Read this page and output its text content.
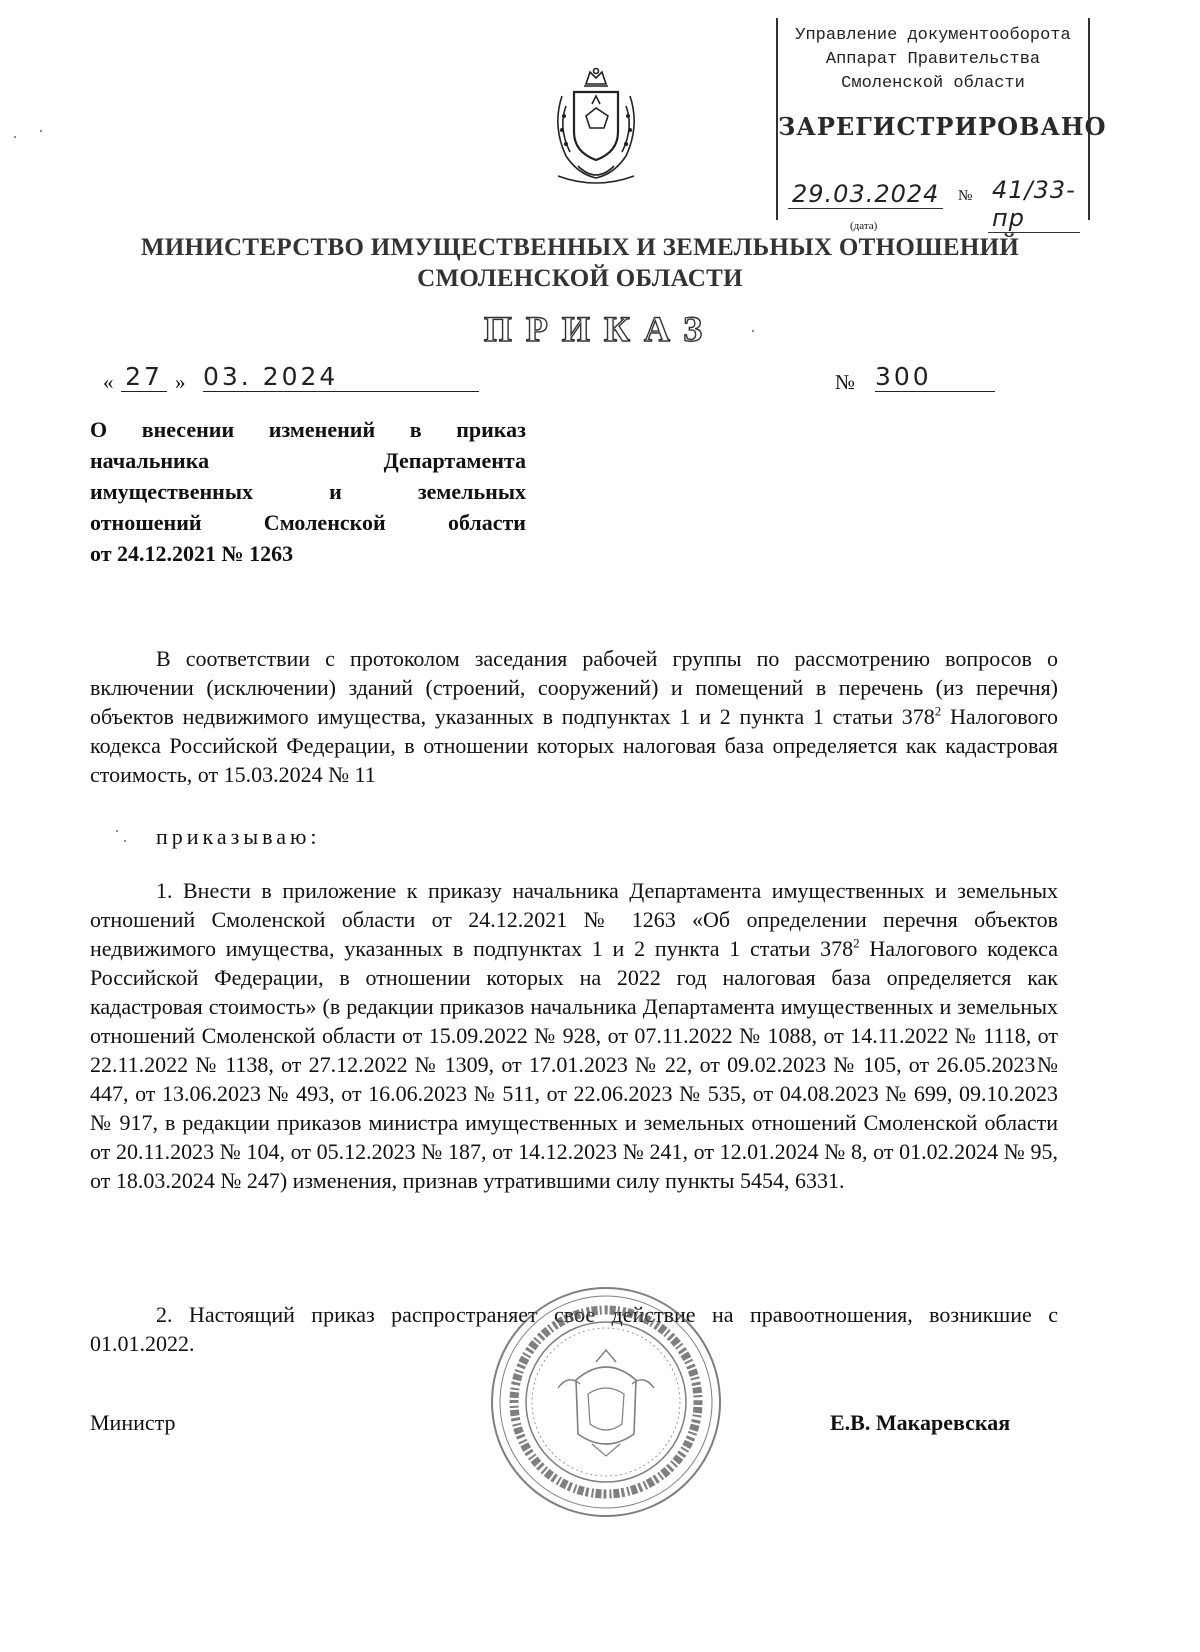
Управление документооборота
Аппарат Правительства
Смоленской области
ЗАРЕГИСТРИРОВАНО
29.03.2024 № 41/33-пр
(дата)
МИНИСТЕРСТВО ИМУЩЕСТВЕННЫХ И ЗЕМЕЛЬНЫХ ОТНОШЕНИЙ
СМОЛЕНСКОЙ ОБЛАСТИ
ПРИКАЗ
« 27 » 03. 2024	№ 300
О внесении изменений в приказ
начальника Департамента
имущественных и земельных
отношений Смоленской области
от 24.12.2021 № 1263
В соответствии с протоколом заседания рабочей группы по рассмотрению вопросов о включении (исключении) зданий (строений, сооружений) и помещений в перечень (из перечня) объектов недвижимого имущества, указанных в подпунктах 1 и 2 пункта 1 статьи $378^2$ Налогового кодекса Российской Федерации, в отношении которых налоговая база определяется как кадастровая стоимость, от 15.03.2024 № 11
приказываю:
1. Внести в приложение к приказу начальника Департамента имущественных и земельных отношений Смоленской области от 24.12.2021 № 1263 «Об определении перечня объектов недвижимого имущества, указанных в подпунктах 1 и 2 пункта 1 статьи $378^2$ Налогового кодекса Российской Федерации, в отношении которых на 2022 год налоговая база определяется как кадастровая стоимость» (в редакции приказов начальника Департамента имущественных и земельных отношений Смоленской области от 15.09.2022 № 928, от 07.11.2022 № 1088, от 14.11.2022 № 1118, от 22.11.2022 № 1138, от 27.12.2022 № 1309, от 17.01.2023 № 22, от 09.02.2023 № 105, от 26.05.2023№ 447, от 13.06.2023 № 493, от 16.06.2023 № 511, от 22.06.2023 № 535, от 04.08.2023 № 699, 09.10.2023 № 917, в редакции приказов министра имущественных и земельных отношений Смоленской области от 20.11.2023 № 104, от 05.12.2023 № 187, от 14.12.2023 № 241, от 12.01.2024 № 8, от 01.02.2024 № 95, от 18.03.2024 № 247) изменения, признав утратившими силу пункты 5454, 6331.
2. Настоящий приказ распространяет свое действие на правоотношения, возникшие с 01.01.2022.
Министр	Е.В. Макаревская
